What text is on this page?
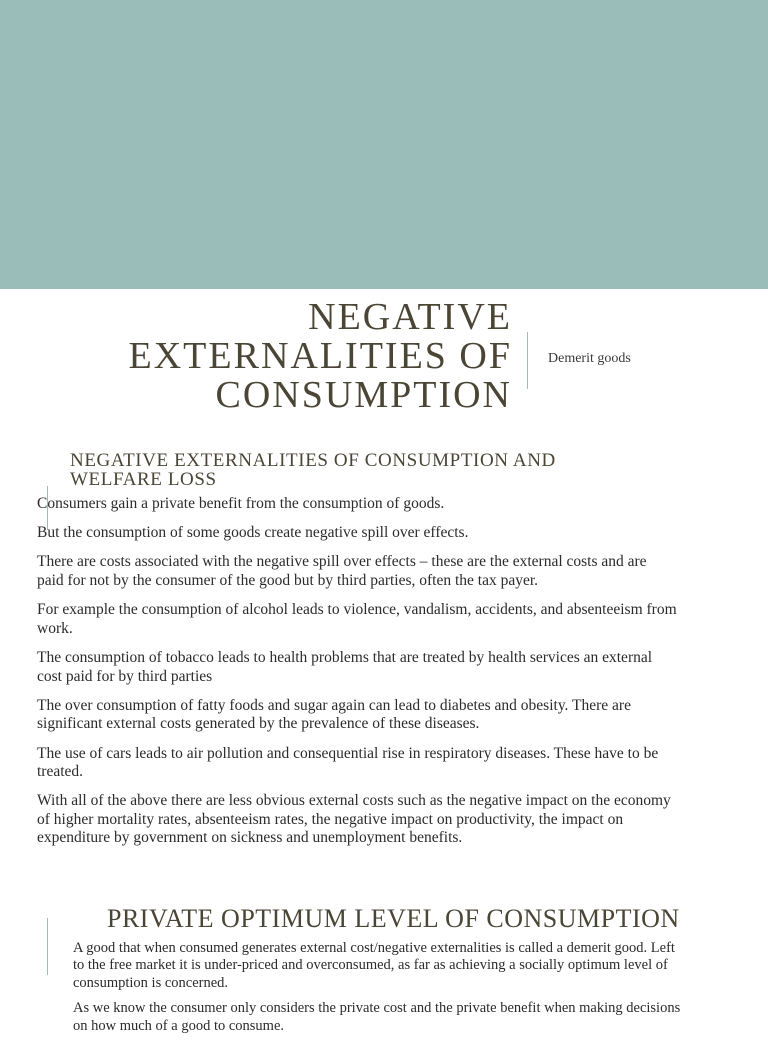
NEGATIVE EXTERNALITIES OF CONSUMPTION
Demerit goods
NEGATIVE EXTERNALITIES OF CONSUMPTION AND WELFARE LOSS

Consumers gain a private benefit from the consumption of goods.

But the consumption of some goods create negative spill over effects.

There are costs associated with the negative spill over effects – these are the external costs and are paid for not by the consumer of the good but by third parties, often the tax payer.

For example the consumption of alcohol leads to violence, vandalism, accidents, and absenteeism from work.

The consumption of tobacco leads to health problems that are treated by health services an external cost paid for by third parties

The over consumption of fatty foods and sugar again can lead to diabetes and obesity. There are significant external costs generated by the prevalence of these diseases.

The use of cars leads to air pollution and consequential rise in respiratory diseases. These have to be treated.

With all of the above there are less obvious external costs such as the negative impact on the economy of higher mortality rates, absenteeism rates, the negative impact on productivity, the impact on expenditure by government on sickness and unemployment benefits.

PRIVATE OPTIMUM LEVEL OF CONSUMPTION

A good that when consumed generates external cost/negative externalities is called a demerit good. Left to the free market it is under-priced and overconsumed, as far as achieving a socially optimum level of consumption is concerned.

As we know the consumer only considers the private cost and the private benefit when making decisions on how much of a good to consume.
